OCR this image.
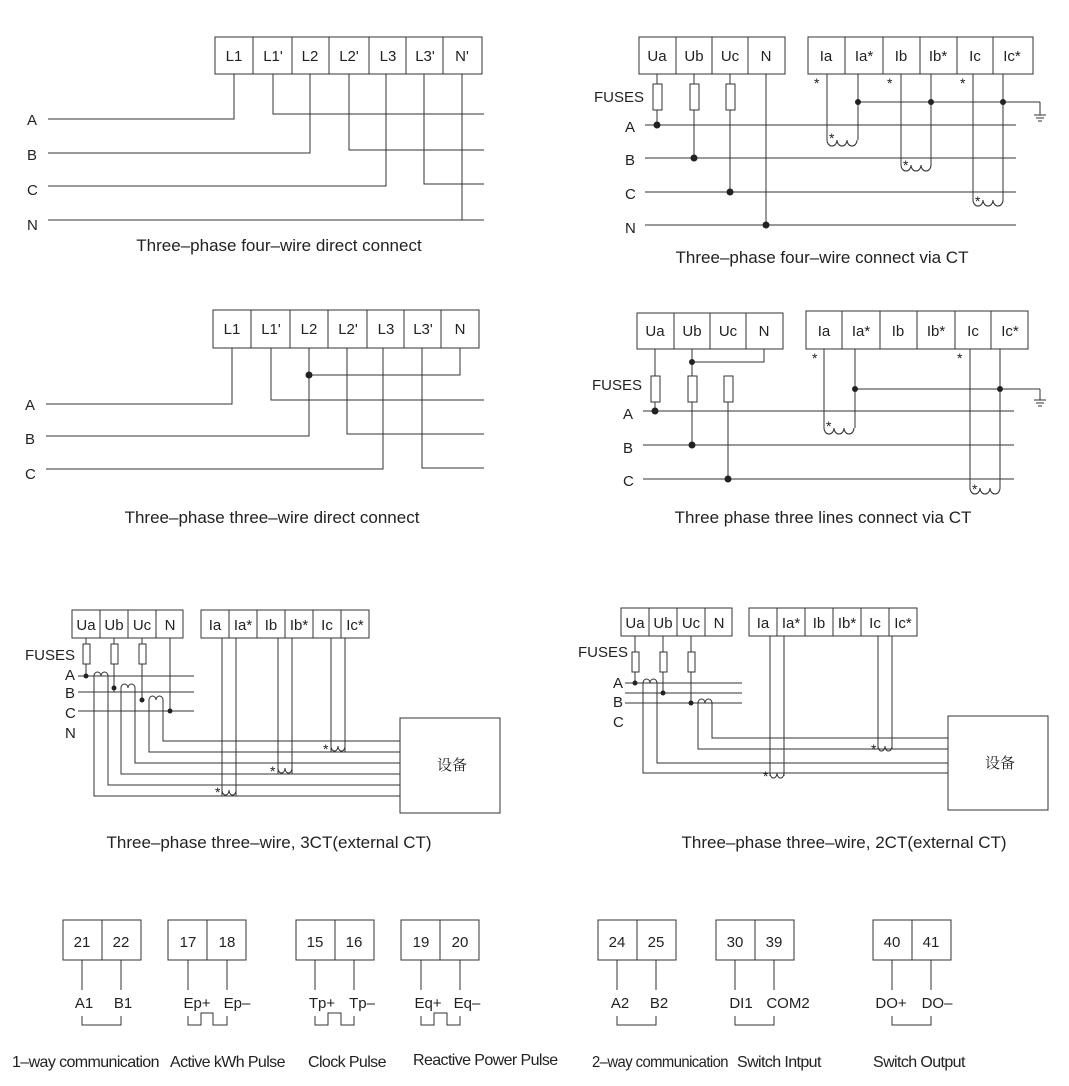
L1 L1' L2 L2' L3 L3' N'
A
B
C
N
Three–phase four–wire direct connect
Ua Ub Uc N	Ia Ia* Ib Ib* Ic Ic*
FUSES
A
B
C
N
*	*	*
*
*
*
Three–phase four–wire connect via CT
L1 L1' L2 L2' L3 L3' N
A
B
C
Three–phase three–wire direct connect
Ua Ub Uc N	Ia Ia* Ib Ib* Ic Ic*
FUSES
A
B
C
*	*
*
*
Three phase three lines connect via CT
Ua Ub Uc N Ia Ia* Ib Ib* Ic Ic*
FUSES
A
B
C
N
*
*
*
设备
Three–phase three–wire, 3CT(external CT)
Ua Ub Uc N Ia Ia* Ib Ib* Ic Ic*
FUSES
A
B
C
*
*
设备
Three–phase three–wire, 2CT(external CT)
21 22
A1 B1
1–way communication
17 18
Ep+ Ep–
Active kWh Pulse
15 16
Tp+ Tp–
Clock Pulse
19 20
Eq+ Eq–
Reactive Power Pulse
24 25
A2 B2
2–way communication
30 39
DI1 COM2
Switch Intput
40 41
DO+ DO–
Switch Output
